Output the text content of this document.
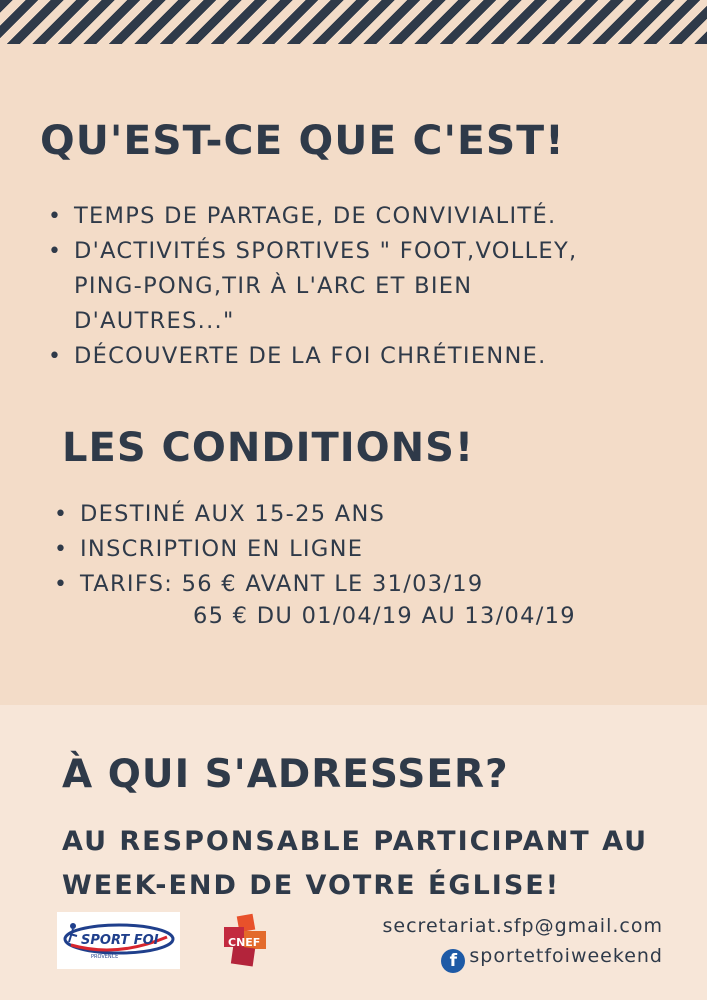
QU'EST-CE QUE C'EST!
• TEMPS DE PARTAGE, DE CONVIVIALITÉ.
• D'ACTIVITÉS SPORTIVES " FOOT,VOLLEY,
PING-PONG,TIR À L'ARC ET BIEN
D'AUTRES..."
• DÉCOUVERTE DE LA FOI CHRÉTIENNE.
LES CONDITIONS!
• DESTINÉ AUX 15-25 ANS
• INSCRIPTION EN LIGNE
• TARIFS: 56 € AVANT LE 31/03/19
65 € DU 01/04/19 AU 13/04/19
À QUI S'ADRESSER?
AU RESPONSABLE PARTICIPANT AU
WEEK-END DE VOTRE ÉGLISE!
SPORT FOI
PROVENCE
CNEF
secretariat.sfp@gmail.com
f sportetfoiweekend
